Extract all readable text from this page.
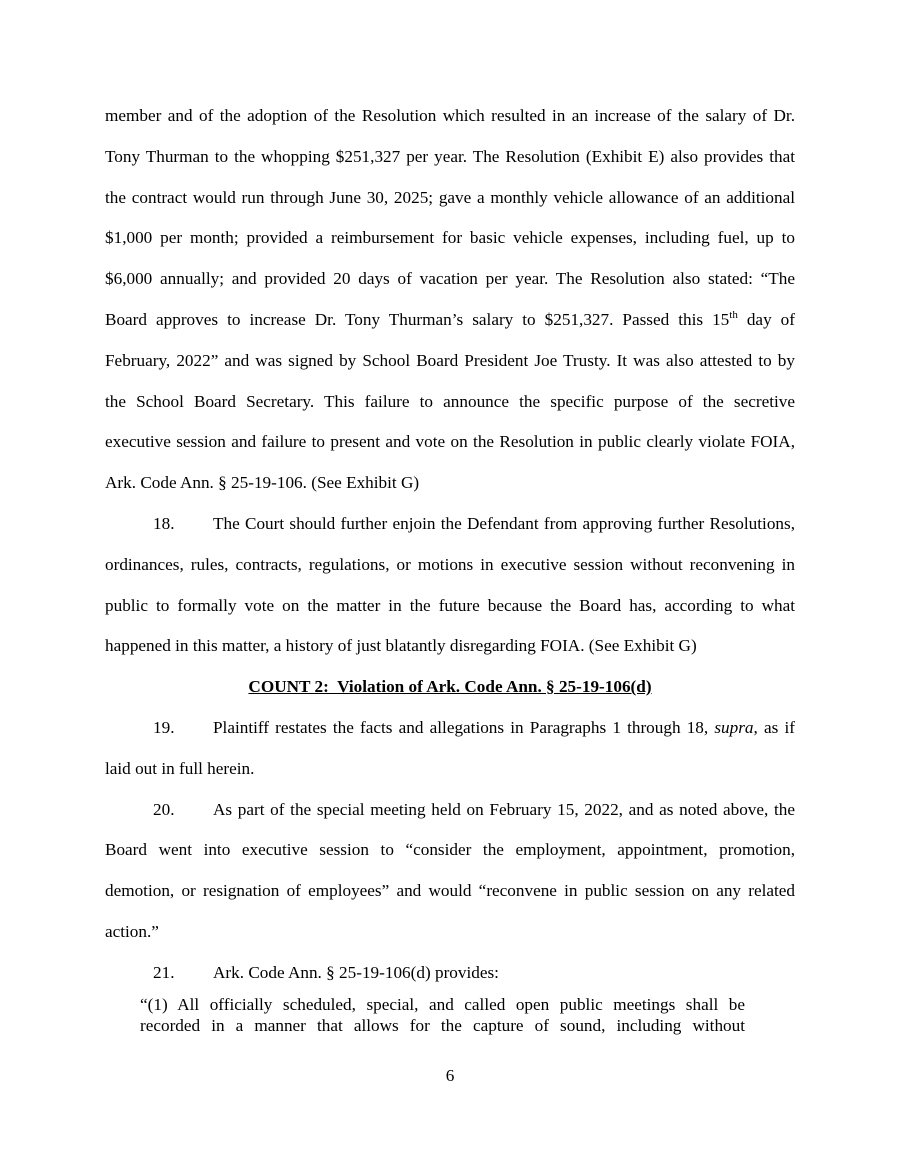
member and of the adoption of the Resolution which resulted in an increase of the salary of Dr.
Tony Thurman to the whopping $251,327 per year. The Resolution (Exhibit E) also provides that
the contract would run through June 30, 2025; gave a monthly vehicle allowance of an additional
$1,000 per month; provided a reimbursement for basic vehicle expenses, including fuel, up to
$6,000 annually; and provided 20 days of vacation per year. The Resolution also stated: “The
Board approves to increase Dr. Tony Thurman’s salary to $251,327. Passed this 15th day of
February, 2022” and was signed by School Board President Joe Trusty. It was also attested to by
the School Board Secretary. This failure to announce the specific purpose of the secretive
executive session and failure to present and vote on the Resolution in public clearly violate FOIA,
Ark. Code Ann. § 25-19-106. (See Exhibit G)
18. The Court should further enjoin the Defendant from approving further Resolutions,
ordinances, rules, contracts, regulations, or motions in executive session without reconvening in
public to formally vote on the matter in the future because the Board has, according to what
happened in this matter, a history of just blatantly disregarding FOIA. (See Exhibit G)
COUNT 2:  Violation of Ark. Code Ann. § 25-19-106(d)
19. Plaintiff restates the facts and allegations in Paragraphs 1 through 18, supra, as if
laid out in full herein.
20. As part of the special meeting held on February 15, 2022, and as noted above, the
Board went into executive session to “consider the employment, appointment, promotion,
demotion, or resignation of employees” and would “reconvene in public session on any related
action.”
21. Ark. Code Ann. § 25-19-106(d) provides:
“(1) All officially scheduled, special, and called open public meetings shall be
recorded in a manner that allows for the capture of sound, including without
6
